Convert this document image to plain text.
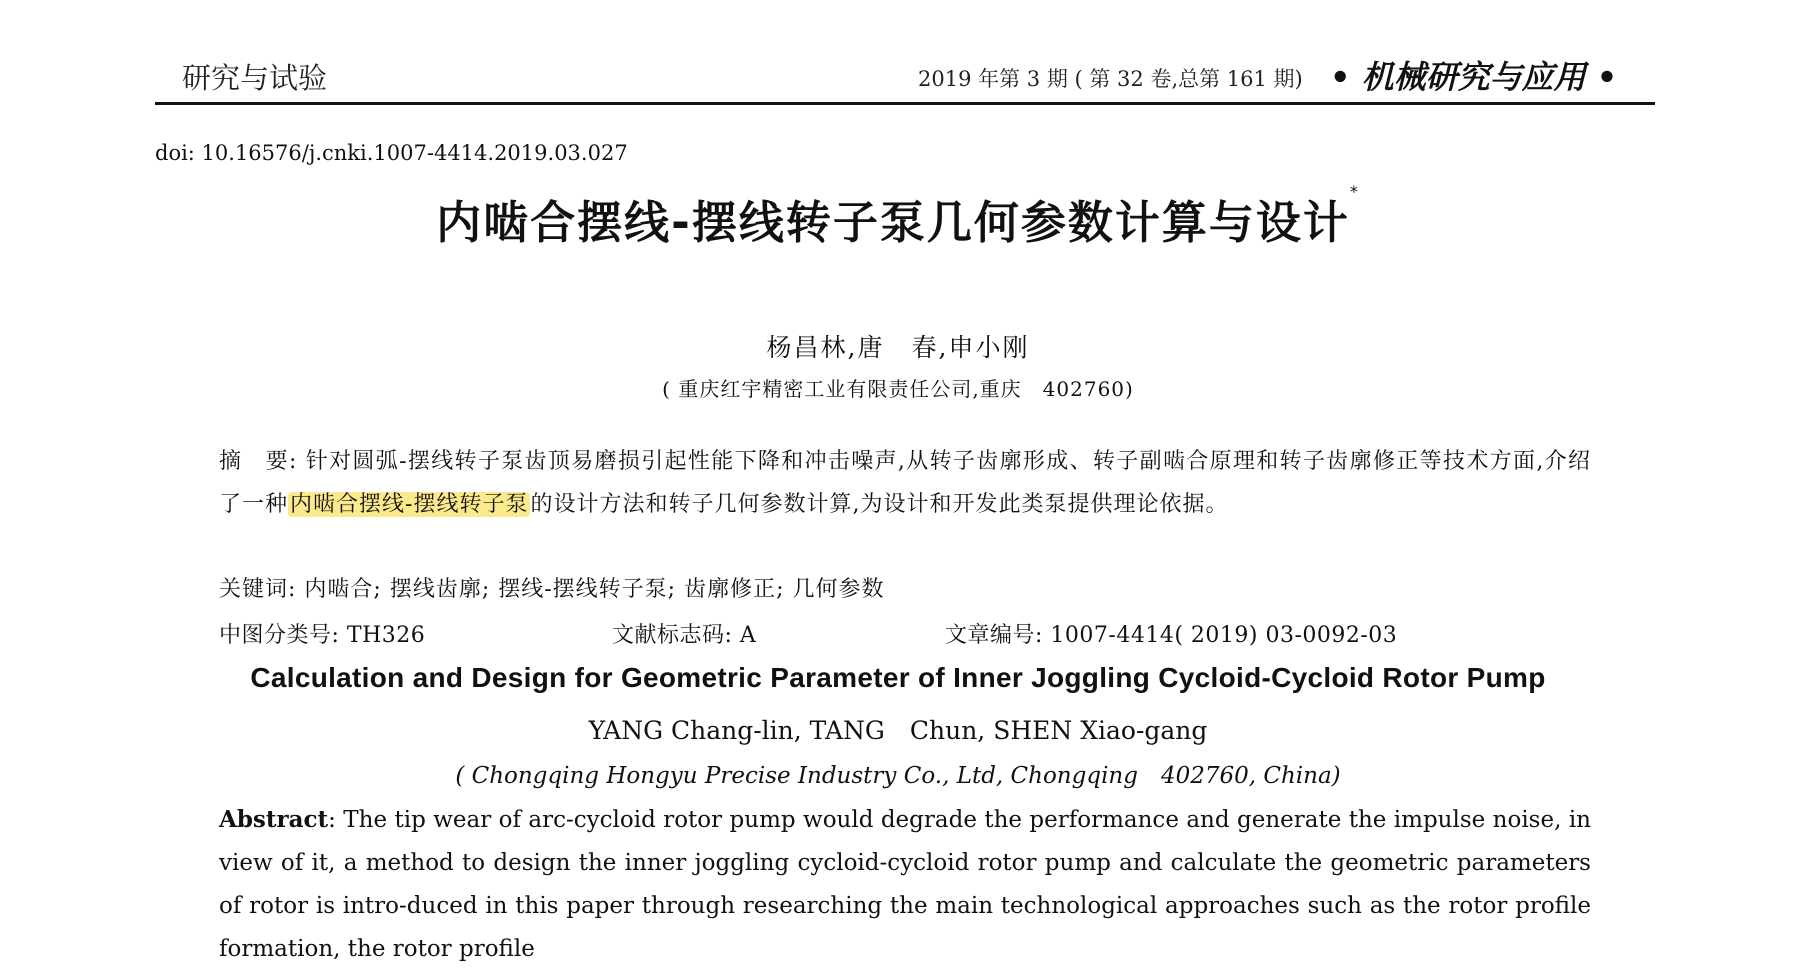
研究与试验	2019 年第 3 期 ( 第 32 卷,总第 161 期) • 机械研究与应用 •
doi: 10.16576/j.cnki.1007-4414.2019.03.027
内啮合摆线-摆线转子泵几何参数计算与设计*
杨昌林,唐　春,申小刚
( 重庆红宇精密工业有限责任公司,重庆　402760)
摘　要: 针对圆弧-摆线转子泵齿顶易磨损引起性能下降和冲击噪声,从转子齿廓形成、转子副啮合原理和转子齿廓修正等技术方面,介绍了一种内啮合摆线-摆线转子泵的设计方法和转子几何参数计算,为设计和开发此类泵提供理论依据。
关键词: 内啮合; 摆线齿廓; 摆线-摆线转子泵; 齿廓修正; 几何参数
中图分类号: TH326	文献标志码: A	文章编号: 1007-4414( 2019) 03-0092-03
Calculation and Design for Geometric Parameter of Inner Joggling Cycloid-Cycloid Rotor Pump
YANG Chang-lin, TANG　Chun, SHEN Xiao-gang
( Chongqing Hongyu Precise Industry Co., Ltd, Chongqing　402760, China)
Abstract: The tip wear of arc-cycloid rotor pump would degrade the performance and generate the impulse noise, in view of it, a method to design the inner joggling cycloid-cycloid rotor pump and calculate the geometric parameters of rotor is intro-duced in this paper through researching the main technological approaches such as the rotor profile formation, the rotor profile
